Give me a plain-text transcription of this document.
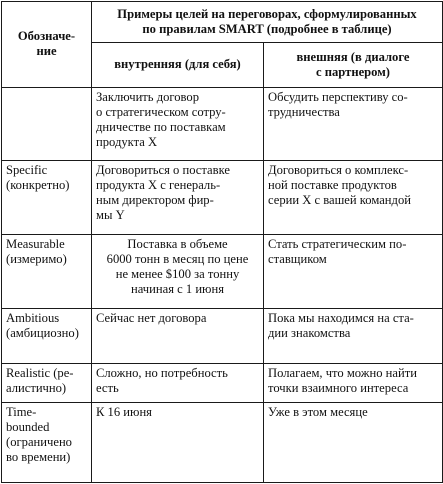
Обозначе-
ние	Примеры целей на переговорах, сформулированных
по правилам SMART (подробнее в таблице)	

	внутренняя (для себя)	внешняя (в диалоге
с партнером)

	Заключить договор
о стратегическом сотру-
дничестве по поставкам
продукта X	Обсудить перспективу со-
трудничества

Specific
(конкретно)	Договориться о поставке
продукта X с генераль-
ным директором фир-
мы Y	Договориться о комплекс-
ной поставке продуктов
серии X с вашей командой

Measurable
(измеримо)	Поставка в объеме
6000 тонн в месяц по цене
не менее $100 за тонну
начиная с 1 июня	Стать стратегическим по-
ставщиком

Ambitious
(амбициозно)	Сейчас нет договора	Пока мы находимся на ста-
дии знакомства

Realistic (ре-
алистично)	Сложно, но потребность
есть	Полагаем, что можно найти
точки взаимного интереса

Time-
bounded
(ограничено
во времени)	К 16 июня	Уже в этом месяце
